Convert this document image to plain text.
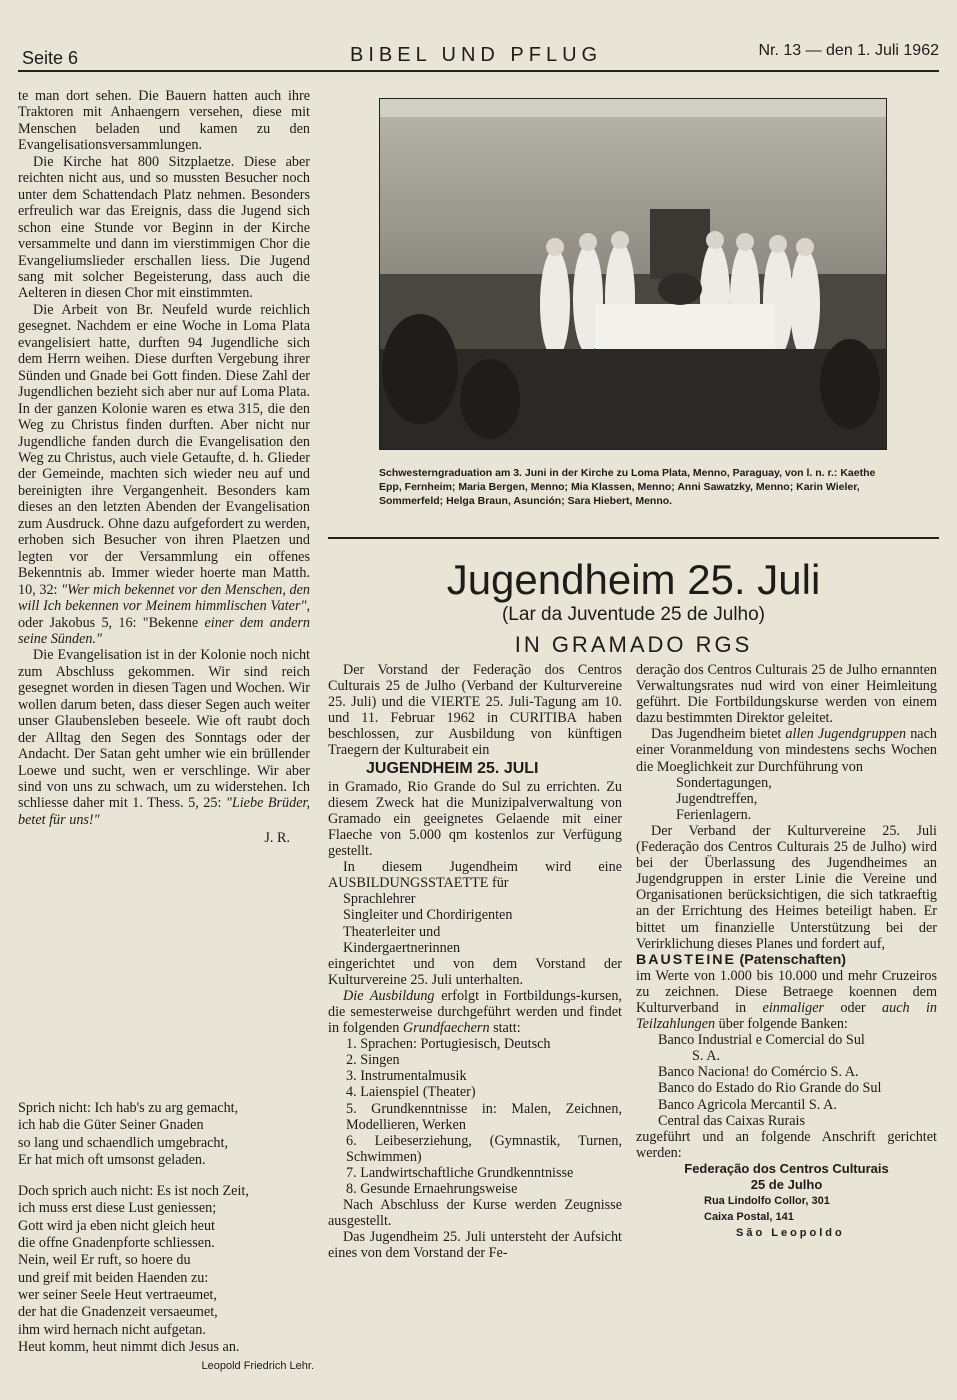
Seite 6	BIBEL UND PFLUG	Nr. 13 — den 1. Juli 1962

te man dort sehen. Die Bauern hatten auch ihre Traktoren mit Anhaengern versehen, diese mit Menschen beladen und kamen zu den Evangelisationsversammlungen.

Die Kirche hat 800 Sitzplaetze. Diese aber reichten nicht aus, und so mussten Besucher noch unter dem Schattendach Platz nehmen. Besonders erfreulich war das Ereignis, dass die Jugend sich schon eine Stunde vor Beginn in der Kirche versammelte und dann im vierstimmigen Chor die Evangeliumslieder erschallen liess. Die Jugend sang mit solcher Begeisterung, dass auch die Aelteren in diesen Chor mit einstimmten.

Die Arbeit von Br. Neufeld wurde reichlich gesegnet. Nachdem er eine Woche in Loma Plata evangelisiert hatte, durften 94 Jugendliche sich dem Herrn weihen. Diese durften Vergebung ihrer Sünden und Gnade bei Gott finden. Diese Zahl der Jugendlichen bezieht sich aber nur auf Loma Plata. In der ganzen Kolonie waren es etwa 315, die den Weg zu Christus finden durften. Aber nicht nur Jugendliche fanden durch die Evangelisation den Weg zu Christus, auch viele Getaufte, d. h. Glieder der Gemeinde, machten sich wieder neu auf und bereinigten ihre Vergangenheit. Besonders kam dieses an den letzten Abenden der Evangelisation zum Ausdruck. Ohne dazu aufgefordert zu werden, erhoben sich Besucher von ihren Plaetzen und legten vor der Versammlung ein offenes Bekenntnis ab. Immer wieder hoerte man Matth. 10, 32: "Wer mich bekennet vor den Menschen, den will Ich bekennen vor Meinem himmlischen Vater", oder Jakobus 5, 16: "Bekenne einer dem andern seine Sünden."

Die Evangelisation ist in der Kolonie noch nicht zum Abschluss gekommen. Wir sind reich gesegnet worden in diesen Tagen und Wochen. Wir wollen darum beten, dass dieser Segen auch weiter unser Glaubensleben beseele. Wie oft raubt doch der Alltag den Segen des Sonntags oder der Andacht. Der Satan geht umher wie ein brüllender Loewe und sucht, wen er verschlinge. Wir aber sind von uns zu schwach, um zu widerstehen. Ich schliesse daher mit 1. Thess. 5, 25: "Liebe Brüder, betet für uns!"

J. R.

Sprich nicht: Ich hab's zu arg gemacht,
ich hab die Güter Seiner Gnaden
so lang und schaendlich umgebracht,
Er hat mich oft umsonst geladen.
Doch sprich auch nicht: Es ist noch Zeit,
ich muss erst diese Lust geniessen;
Gott wird ja eben nicht gleich heut
die offne Gnadenpforte schliessen.
Nein, weil Er ruft, so hoere du
und greif mit beiden Haenden zu:
wer seiner Seele Heut vertraeumet,
der hat die Gnadenzeit versaeumet,
ihm wird hernach nicht aufgetan.
Heut komm, heut nimmt dich Jesus an.
Leopold Friedrich Lehr.
Schwesterngraduation am 3. Juni in der Kirche zu Loma Plata, Menno, Paraguay, von l. n. r.: Kaethe Epp, Fernheim; Maria Bergen, Menno; Mia Klassen, Menno; Anni Sawatzky, Menno; Karin Wieler, Sommerfeld; Helga Braun, Asunción; Sara Hiebert, Menno.
Jugendheim 25. Juli
(Lar da Juventude 25 de Julho)
IN GRAMADO RGS

Der Vorstand der Federação dos Centros Culturais 25 de Julho (Verband der Kulturvereine 25. Juli) und die VIERTE 25. Juli-Tagung am 10. und 11. Februar 1962 in CURITIBA haben beschlossen, zur Ausbildung von künftigen Traegern der Kulturabeit ein

JUGENDHEIM 25. JULI

in Gramado, Rio Grande do Sul zu errichten. Zu diesem Zweck hat die Munizipalverwaltung von Gramado ein geeignetes Gelaende mit einer Flaeche von 5.000 qm kostenlos zur Verfügung gestellt.

In diesem Jugendheim wird eine AUSBILDUNGSSTAETTE für

Sprachlehrer

Singleiter und Chordirigenten

Theaterleiter und

Kindergaertnerinnen

eingerichtet und von dem Vorstand der Kulturvereine 25. Juli unterhalten.

Die Ausbildung erfolgt in Fortbildungs-kursen, die semesterweise durchgeführt werden und findet in folgenden Grundfaechern statt:

1. Sprachen: Portugiesisch, Deutsch

2. Singen

3. Instrumentalmusik

4. Laienspiel (Theater)

5. Grundkenntnisse in: Malen, Zeichnen, Modellieren, Werken

6. Leibeserziehung, (Gymnastik, Turnen, Schwimmen)

7. Landwirtschaftliche Grundkenntnisse

8. Gesunde Ernaehrungsweise

Nach Abschluss der Kurse werden Zeugnisse ausgestellt.

Das Jugendheim 25. Juli untersteht der Aufsicht eines von dem Vorstand der Fe-

deração dos Centros Culturais 25 de Julho ernannten Verwaltungsrates nud wird von einer Heimleitung geführt. Die Fortbildungskurse werden von einem dazu bestimmten Direktor geleitet.

Das Jugendheim bietet allen Jugendgruppen nach einer Voranmeldung von mindestens sechs Wochen die Moeglichkeit zur Durchführung von

Sondertagungen,

Jugendtreffen,

Ferienlagern.

Der Verband der Kulturvereine 25. Juli (Federação dos Centros Culturais 25 de Julho) wird bei der Überlassung des Jugendheimes an Jugendgruppen in erster Linie die Vereine und Organisationen berücksichtigen, die sich tatkraeftig an der Errichtung des Heimes beteiligt haben. Er bittet um finanzielle Unterstützung bei der Verirklichung dieses Planes und fordert auf,

BAUSTEINE (Patenschaften)

im Werte von 1.000 bis 10.000 und mehr Cruzeiros zu zeichnen. Diese Betraege koennen dem Kulturverband in einmaliger oder auch in Teilzahlungen über folgende Banken:

Banco Industrial e Comercial do Sul

S. A.

Banco Naciona! do Comércio S. A.

Banco do Estado do Rio Grande do Sul

Banco Agricola Mercantil S. A.

Central das Caixas Rurais

zugeführt und an folgende Anschrift gerichtet werden:

Federação dos Centros Culturais

25 de Julho

Rua Lindolfo Collor, 301

Caixa Postal, 141

São Leopoldo
